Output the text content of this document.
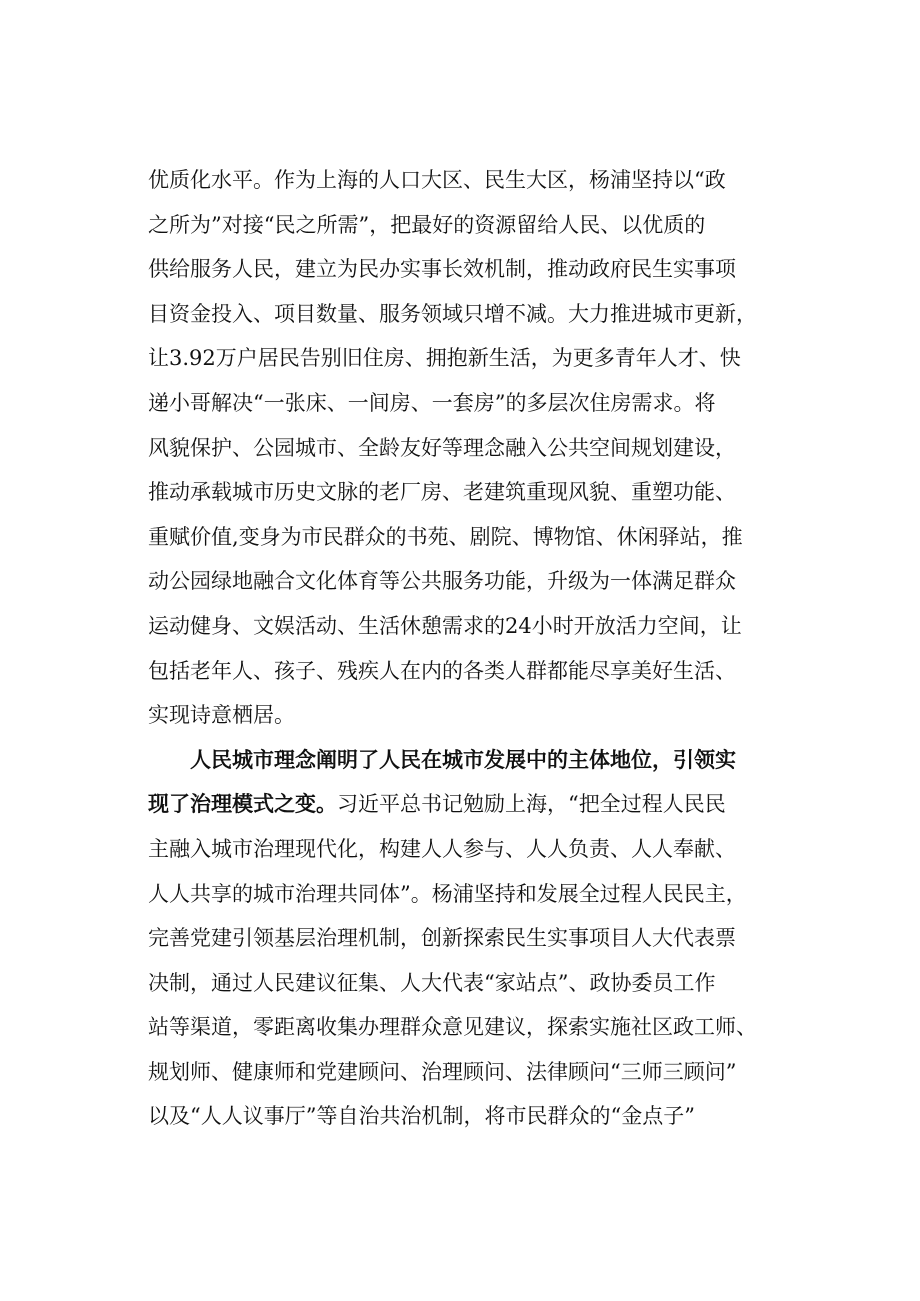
优质化水平。作为上海的人口大区、民生大区，杨浦坚持以“政
之所为”对接“民之所需”，把最好的资源留给人民、以优质的
供给服务人民，建立为民办实事长效机制，推动政府民生实事项
目资金投入、项目数量、服务领域只增不减。大力推进城市更新，
让3.92万户居民告别旧住房、拥抱新生活，为更多青年人才、快
递小哥解决“一张床、一间房、一套房”的多层次住房需求。将
风貌保护、公园城市、全龄友好等理念融入公共空间规划建设，
推动承载城市历史文脉的老厂房、老建筑重现风貌、重塑功能、
重赋价值,变身为市民群众的书苑、剧院、博物馆、休闲驿站，推
动公园绿地融合文化体育等公共服务功能，升级为一体满足群众
运动健身、文娱活动、生活休憩需求的24小时开放活力空间，让
包括老年人、孩子、残疾人在内的各类人群都能尽享美好生活、
实现诗意栖居。
人民城市理念阐明了人民在城市发展中的主体地位，引领实
现了治理模式之变。习近平总书记勉励上海，“把全过程人民民
主融入城市治理现代化，构建人人参与、人人负责、人人奉献、
人人共享的城市治理共同体”。杨浦坚持和发展全过程人民民主，
完善党建引领基层治理机制，创新探索民生实事项目人大代表票
决制，通过人民建议征集、人大代表“家站点”、政协委员工作
站等渠道，零距离收集办理群众意见建议，探索实施社区政工师、
规划师、健康师和党建顾问、治理顾问、法律顾问“三师三顾问”
以及“人人议事厅”等自治共治机制，将市民群众的“金点子”
